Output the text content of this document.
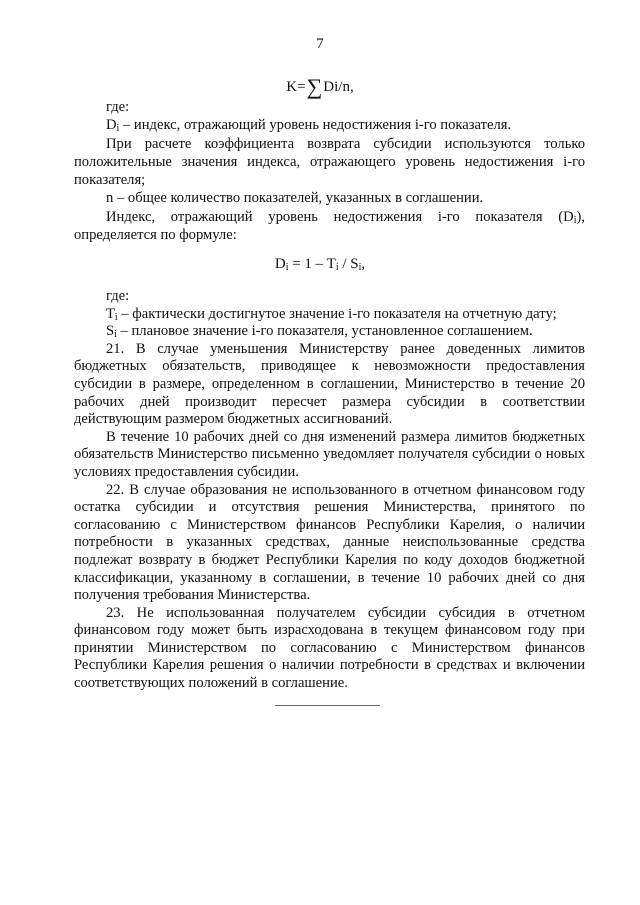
7
K=∑Di/n,

где:

$D_i$ – индекс, отражающий уровень недостижения i-го показателя.

При расчете коэффициента возврата субсидии используются только положительные значения индекса, отражающего уровень недостижения i-го показателя;

n – общее количество показателей, указанных в соглашении.

Индекс, отражающий уровень недостижения i-го показателя $(D_i)$, определяется по формуле:

$D_i = 1 - T_i / S_i$,

где:

$T_i$ – фактически достигнутое значение i-го показателя на отчетную дату;

$S_i$ – плановое значение i-го показателя, установленное соглашением.

21. В случае уменьшения Министерству ранее доведенных лимитов бюджетных обязательств, приводящее к невозможности предоставления субсидии в размере, определенном в соглашении, Министерство в течение 20 рабочих дней производит пересчет размера субсидии в соответствии действующим размером бюджетных ассигнований.

В течение 10 рабочих дней со дня изменений размера лимитов бюджетных обязательств Министерство письменно уведомляет получателя субсидии о новых условиях предоставления субсидии.

22. В случае образования не использованного в отчетном финансовом году остатка субсидии и отсутствия решения Министерства, принятого по согласованию с Министерством финансов Республики Карелия, о наличии потребности в указанных средствах, данные неиспользованные средства подлежат возврату в бюджет Республики Карелия по коду доходов бюджетной классификации, указанному в соглашении, в течение 10 рабочих дней со дня получения требования Министерства.

23. Не использованная получателем субсидии субсидия в отчетном финансовом году может быть израсходована в текущем финансовом году при принятии Министерством по согласованию с Министерством финансов Республики Карелия решения о наличии потребности в средствах и включении соответствующих положений в соглашение.
